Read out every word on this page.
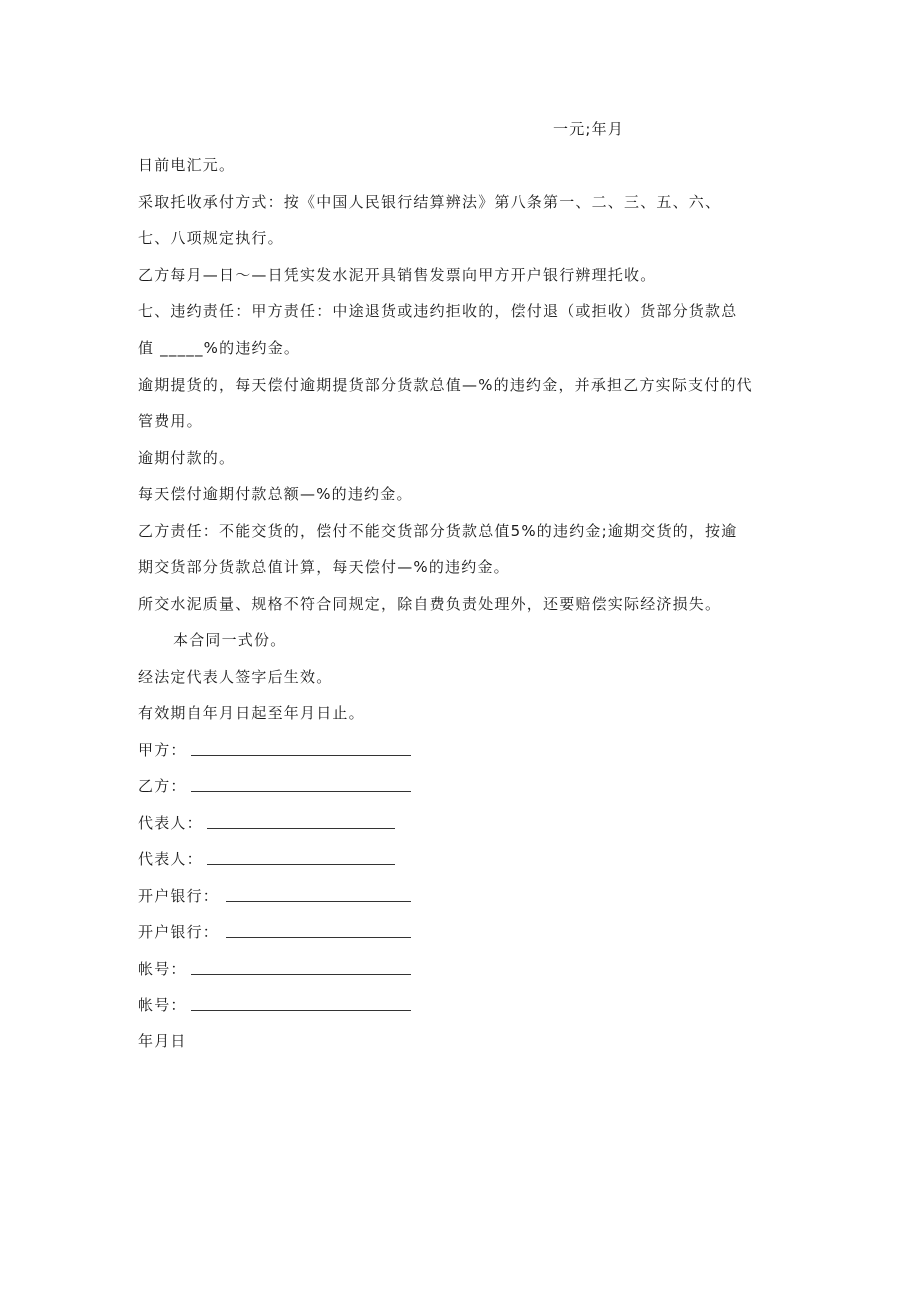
一元;年月
日前电汇元。
采取托收承付方式：按《中国人民银行结算辨法》第八条第一、二、三、五、六、
七、八项规定执行。
乙方每月—日～—日凭实发水泥开具销售发票向甲方开户银行辨理托收。
七、违约责任：甲方责任：中途退货或违约拒收的，偿付退（或拒收）货部分货款总
值 _____%的违约金。
逾期提货的，每天偿付逾期提货部分货款总值—%的违约金，并承担乙方实际支付的代
管费用。
逾期付款的。
每天偿付逾期付款总额—%的违约金。
乙方责任：不能交货的，偿付不能交货部分货款总值5%的违约金;逾期交货的，按逾
期交货部分货款总值计算，每天偿付—%的违约金。
所交水泥质量、规格不符合同规定，除自费负责处理外，还要赔偿实际经济损失。
本合同一式份。
经法定代表人签字后生效。
有效期自年月日起至年月日止。
甲方：
乙方：
代表人：
代表人：
开户银行：
开户银行：
帐号：
帐号：
年月日
